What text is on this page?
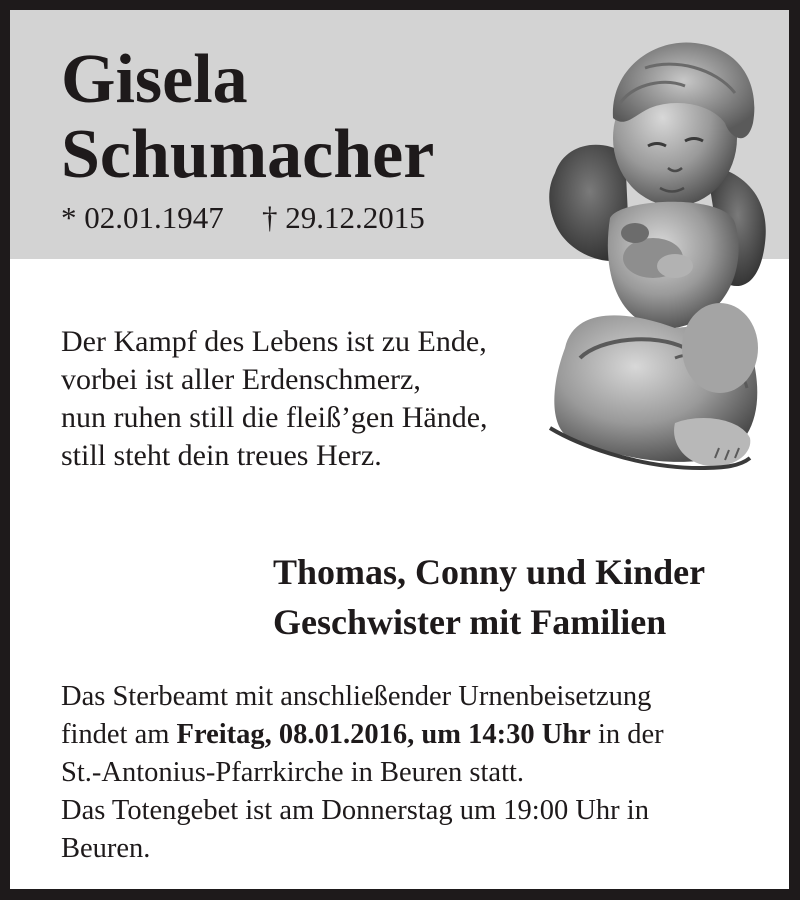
Gisela
Schumacher
* 02.01.1947 † 29.12.2015
Der Kampf des Lebens ist zu Ende,
vorbei ist aller Erdenschmerz,
nun ruhen still die fleiß’gen Hände,
still steht dein treues Herz.
Thomas, Conny und Kinder
Geschwister mit Familien
Das Sterbeamt mit anschließender Urnenbeisetzung
findet am Freitag, 08.01.2016, um 14:30 Uhr in der
St.-Antonius-Pfarrkirche in Beuren statt.
Das Totengebet ist am Donnerstag um 19:00 Uhr in
Beuren.
